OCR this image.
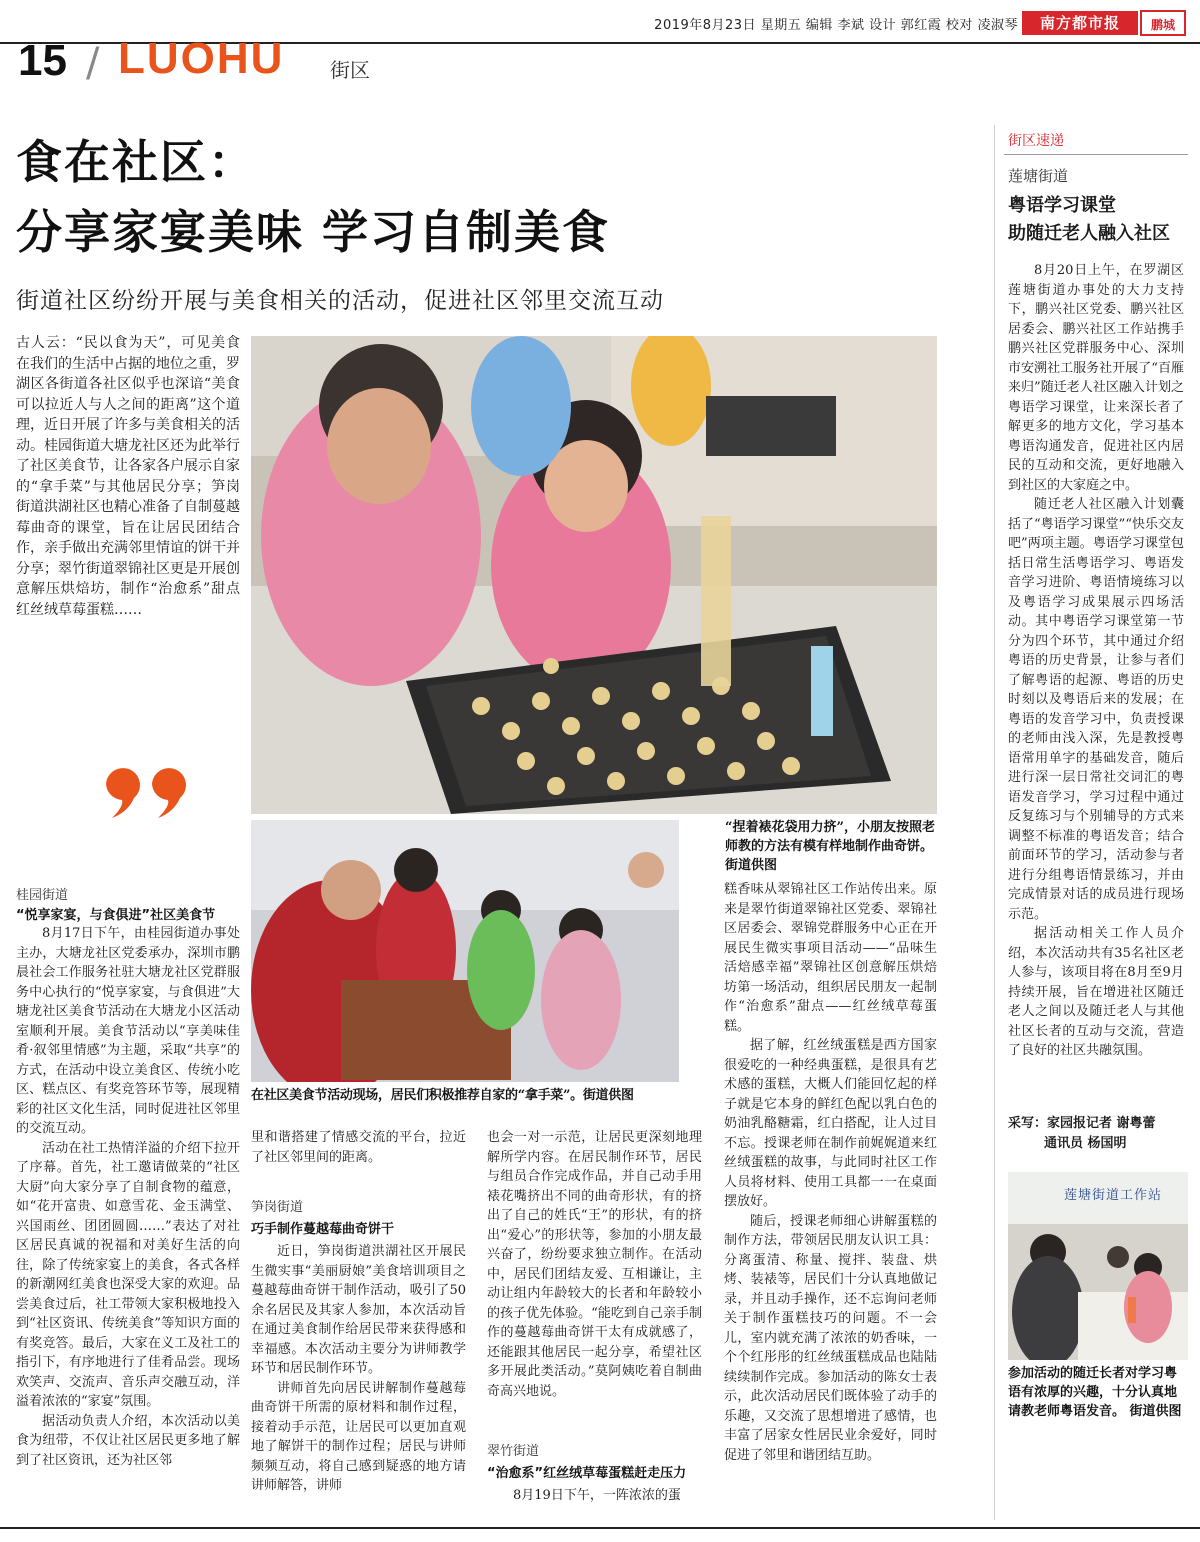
2019年8月23日 星期五 编辑 李斌 设计 郭红霞 校对 凌淑琴	南方都市报	鹏城
15 / LUOHU 街区
食在社区：
分享家宴美味 学习自制美食
街道社区纷纷开展与美食相关的活动，促进社区邻里交流互动
古人云：“民以食为天”，可见美食在我们的生活中占据的地位之重，罗湖区各街道各社区似乎也深谙“美食可以拉近人与人之间的距离”这个道理，近日开展了许多与美食相关的活动。桂园街道大塘龙社区还为此举行了社区美食节，让各家各户展示自家的“拿手菜”与其他居民分享；笋岗街道洪湖社区也精心准备了自制蔓越莓曲奇的课堂，旨在让居民团结合作，亲手做出充满邻里情谊的饼干并分享；翠竹街道翠锦社区更是开展创意解压烘焙坊，制作“治愈系”甜点红丝绒草莓蛋糕……
“捏着裱花袋用力挤”，小朋友按照老师教的方法有模有样地制作曲奇饼。 街道供图
在社区美食节活动现场，居民们积极推荐自家的“拿手菜”。街道供图
桂园街道
“悦享家宴，与食俱进”社区美食节

8月17日下午，由桂园街道办事处主办，大塘龙社区党委承办，深圳市鹏晨社会工作服务社驻大塘龙社区党群服务中心执行的“悦享家宴，与食俱进”大塘龙社区美食节活动在大塘龙小区活动室顺利开展。美食节活动以“享美味佳肴·叙邻里情感”为主题，采取“共享”的方式，在活动中设立美食区、传统小吃区、糕点区、有奖竞答环节等，展现精彩的社区文化生活，同时促进社区邻里的交流互动。

活动在社工热情洋溢的介绍下拉开了序幕。首先，社工邀请做菜的“社区大厨”向大家分享了自制食物的蕴意，如“花开富贵、如意雪花、金玉满堂、兴国雨丝、团团圆圆……”表达了对社区居民真诚的祝福和对美好生活的向往，除了传统家宴上的美食，各式各样的新潮网红美食也深受大家的欢迎。品尝美食过后，社工带领大家积极地投入到“社区资讯、传统美食”等知识方面的有奖竞答。最后，大家在义工及社工的指引下，有序地进行了佳肴品尝。现场欢笑声、交流声、音乐声交融互动，洋溢着浓浓的“家宴”氛围。

据活动负责人介绍，本次活动以美食为纽带，不仅让社区居民更多地了解到了社区资讯，还为社区邻

里和谐搭建了情感交流的平台，拉近了社区邻里间的距离。
笋岗街道
巧手制作蔓越莓曲奇饼干

近日，笋岗街道洪湖社区开展民生微实事“美丽厨娘”美食培训项目之蔓越莓曲奇饼干制作活动，吸引了50余名居民及其家人参加，本次活动旨在通过美食制作给居民带来获得感和幸福感。本次活动主要分为讲师教学环节和居民制作环节。

讲师首先向居民讲解制作蔓越莓曲奇饼干所需的原材料和制作过程，接着动手示范，让居民可以更加直观地了解饼干的制作过程；居民与讲师频频互动，将自己感到疑惑的地方请讲师解答，讲师

也会一对一示范，让居民更深刻地理解所学内容。在居民制作环节，居民与组员合作完成作品，并自己动手用裱花嘴挤出不同的曲奇形状，有的挤出了自己的姓氏“王”的形状，有的挤出“爱心”的形状等，参加的小朋友最兴奋了，纷纷要求独立制作。在活动中，居民们团结友爱、互相谦让，主动让组内年龄较大的长者和年龄较小的孩子优先体验。“能吃到自己亲手制作的蔓越莓曲奇饼干太有成就感了，还能跟其他居民一起分享，希望社区多开展此类活动。”莫阿姨吃着自制曲奇高兴地说。
翠竹街道
“治愈系”红丝绒草莓蛋糕赶走压力

8月19日下午，一阵浓浓的蛋

糕香味从翠锦社区工作站传出来。原来是翠竹街道翠锦社区党委、翠锦社区居委会、翠锦党群服务中心正在开展民生微实事项目活动——“品味生活焙感幸福”翠锦社区创意解压烘焙坊第一场活动，组织居民朋友一起制作“治愈系”甜点——红丝绒草莓蛋糕。

据了解，红丝绒蛋糕是西方国家很爱吃的一种经典蛋糕，是很具有艺术感的蛋糕，大概人们能回忆起的样子就是它本身的鲜红色配以乳白色的奶油乳酪糖霜，红白搭配，让人过目不忘。授课老师在制作前娓娓道来红丝绒蛋糕的故事，与此同时社区工作人员将材料、使用工具都一一在桌面摆放好。

随后，授课老师细心讲解蛋糕的制作方法，带领居民朋友认识工具：分离蛋清、称量、搅拌、装盘、烘烤、装裱等，居民们十分认真地做记录，并且动手操作，还不忘询问老师关于制作蛋糕技巧的问题。不一会儿，室内就充满了浓浓的奶香味，一个个红彤彤的红丝绒蛋糕成品也陆陆续续制作完成。参加活动的陈女士表示，此次活动居民们既体验了动手的乐趣，又交流了思想增进了感情，也丰富了居家女性居民业余爱好，同时促进了邻里和谐团结互助。

街区速递
莲塘街道
粤语学习课堂
助随迁老人融入社区

8月20日上午，在罗湖区莲塘街道办事处的大力支持下，鹏兴社区党委、鹏兴社区居委会、鹏兴社区工作站携手鹏兴社区党群服务中心、深圳市安溯社工服务社开展了“百雁来归”随迁老人社区融入计划之粤语学习课堂，让来深长者了解更多的地方文化，学习基本粤语沟通发音，促进社区内居民的互动和交流，更好地融入到社区的大家庭之中。

随迁老人社区融入计划囊括了“粤语学习课堂”“快乐交友吧”两项主题。粤语学习课堂包括日常生活粤语学习、粤语发音学习进阶、粤语情境练习以及粤语学习成果展示四场活动。其中粤语学习课堂第一节分为四个环节，其中通过介绍粤语的历史背景，让参与者们了解粤语的起源、粤语的历史时刻以及粤语后来的发展；在粤语的发音学习中，负责授课的老师由浅入深，先是教授粤语常用单字的基础发音，随后进行深一层日常社交词汇的粤语发音学习，学习过程中通过反复练习与个别辅导的方式来调整不标准的粤语发音；结合前面环节的学习，活动参与者进行分组粤语情景练习，并由完成情景对话的成员进行现场示范。

据活动相关工作人员介绍，本次活动共有35名社区老人参与，该项目将在8月至9月持续开展，旨在增进社区随迁老人之间以及随迁老人与其他社区长者的互动与交流，营造了良好的社区共融氛围。

采写：家园报记者 谢粤蕾
通讯员 杨国明
莲塘街道工作站
参加活动的随迁长者对学习粤语有浓厚的兴趣，十分认真地请教老师粤语发音。 街道供图
